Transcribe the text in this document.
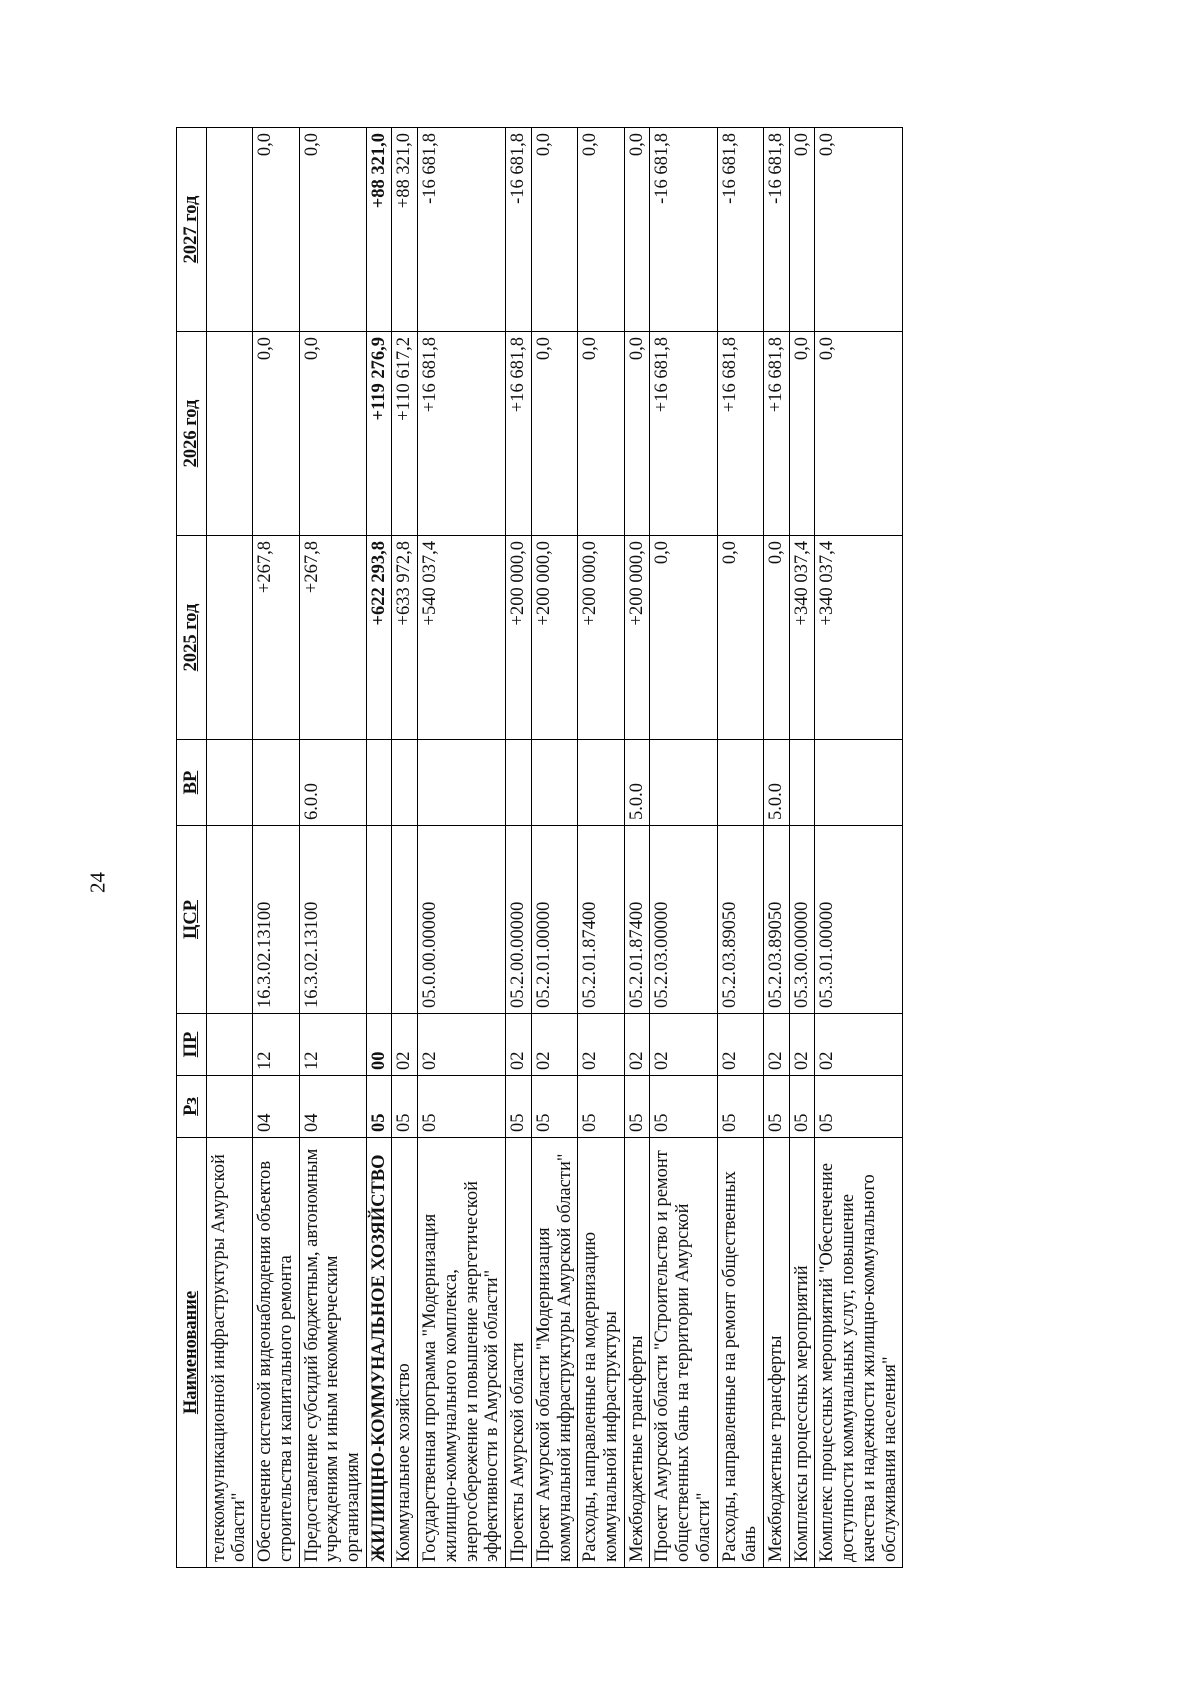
24
Наименование	Рз	ПР	ЦСР	ВР	2025 год	2026 год	2027 год
телекоммуникационной инфраструктуры Амурской области"							
Обеспечение системой видеонаблюдения объектов строительства и капитального ремонта	04	12	16.3.02.13100		+267,8	0,0	0,0
Предоставление субсидий бюджетным, автономным учреждениям и иным некоммерческим организациям	04	12	16.3.02.13100	6.0.0	+267,8	0,0	0,0
ЖИЛИЩНО-КОММУНАЛЬНОЕ ХОЗЯЙСТВО	05	00			+622 293,8	+119 276,9	+88 321,0
Коммунальное хозяйство	05	02			+633 972,8	+110 617,2	+88 321,0
Государственная программа "Модернизация жилищно-коммунального комплекса, энергосбережение и повышение энергетической эффективности в Амурской области"	05	02	05.0.00.00000		+540 037,4	+16 681,8	-16 681,8
Проекты Амурской области	05	02	05.2.00.00000		+200 000,0	+16 681,8	-16 681,8
Проект Амурской области "Модернизация коммунальной инфраструктуры Амурской области"	05	02	05.2.01.00000		+200 000,0	0,0	0,0
Расходы, направленные на модернизацию коммунальной инфраструктуры	05	02	05.2.01.87400		+200 000,0	0,0	0,0
Межбюджетные трансферты	05	02	05.2.01.87400	5.0.0	+200 000,0	0,0	0,0
Проект Амурской области "Строительство и ремонт общественных бань на территории Амурской области"	05	02	05.2.03.00000		0,0	+16 681,8	-16 681,8
Расходы, направленные на ремонт общественных бань	05	02	05.2.03.89050		0,0	+16 681,8	-16 681,8
Межбюджетные трансферты	05	02	05.2.03.89050	5.0.0	0,0	+16 681,8	-16 681,8
Комплексы процессных мероприятий	05	02	05.3.00.00000		+340 037,4	0,0	0,0
Комплекс процессных мероприятий "Обеспечение доступности коммунальных услуг, повышение качества и надежности жилищно-коммунального обслуживания населения"	05	02	05.3.01.00000		+340 037,4	0,0	0,0
